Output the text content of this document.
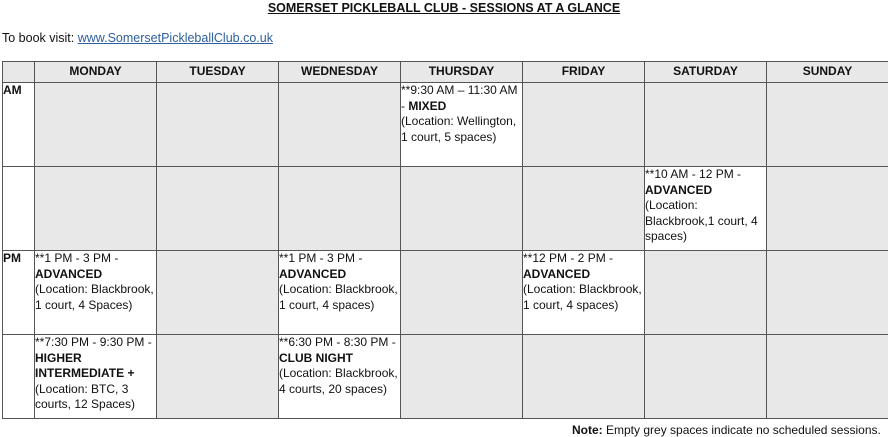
SOMERSET PICKLEBALL CLUB - SESSIONS AT A GLANCE
To book visit: www.SomersetPickleballClub.co.uk
	MONDAY	TUESDAY	WEDNESDAY	THURSDAY	FRIDAY	SATURDAY	SUNDAY
AM				**9:30 AM – 11:30 AM - MIXED
(Location: Wellington, 1 court, 5 spaces)			
						**10 AM - 12 PM - ADVANCED
(Location: Blackbrook,1 court, 4 spaces)	
PM	**1 PM - 3 PM - ADVANCED
(Location: Blackbrook, 1 court, 4 Spaces)		**1 PM - 3 PM - ADVANCED
(Location: Blackbrook, 1 court, 4 spaces)		**12 PM - 2 PM - ADVANCED
(Location: Blackbrook, 1 court, 4 spaces)		
	**7:30 PM - 9:30 PM - HIGHER INTERMEDIATE + (Location: BTC, 3 courts, 12 Spaces)		**6:30 PM - 8:30 PM - CLUB NIGHT (Location: Blackbrook, 4 courts, 20 spaces)				
Note: Empty grey spaces indicate no scheduled sessions.
